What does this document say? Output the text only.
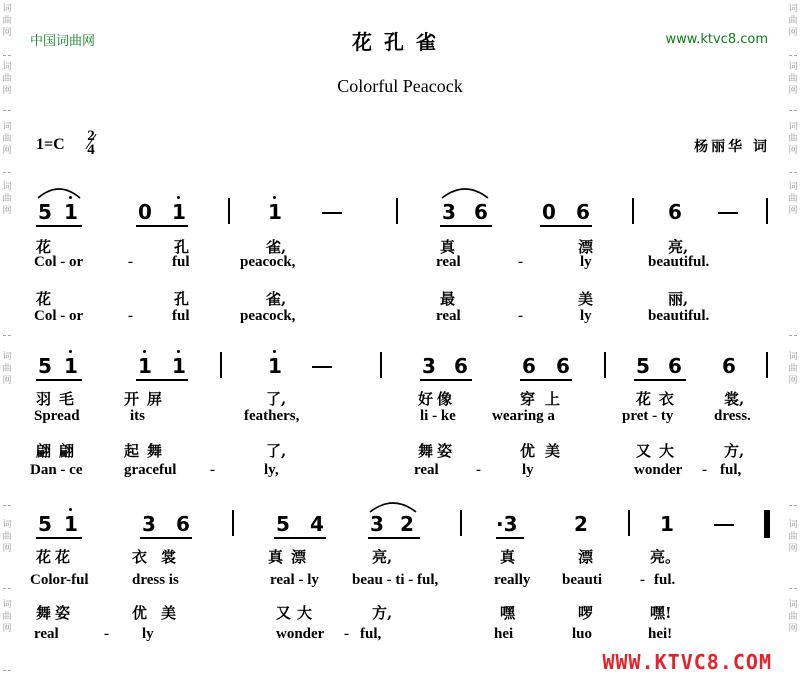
词
曲
网
词
曲
网
词
曲
网
词
曲
网
词
曲
网
词
曲
网
词
曲
网
词
曲
网
词
曲
网
词
曲
网
词
曲
网
词
曲
网
词
曲
网
词
曲
网
中国词曲网	www.ktvc8.com
花孔雀
Colorful Peacock
1=C 2
4	杨丽华 词
5 1	0 1	1	3 6	0 6	6
花	孔	雀,	真	漂	亮,
Col - or	-	ful	peacock,	real	-	ly	beautiful.
花	孔	雀,	最	美	丽,
Col - or	-	ful	peacock,	real	-	ly	beautiful.
5 1	1 1	1	3 6	6 6	5 6 6
羽毛	开屏	了,	好像	穿上	花衣	裳,
Spread	its	feathers,	li - ke wearing a	pret - ty	dress.
翩翩	起舞	了,	舞姿	优美	又大	方,
Dan - ce	graceful -	ly,	real -	ly	wonder - ful,
5 1	3 6	5 4 3 2	·3	2	1
花花	衣裳	真漂	亮,	真	漂	亮。
Color-ful	dress is	real - ly beau - ti - ful,	really beauti	- ful.
舞姿	优美	又大	方,	嘿	啰	嘿!
real	- ly	wonder - ful,	hei	luo	hei!
WWW.KTVC8.COM
